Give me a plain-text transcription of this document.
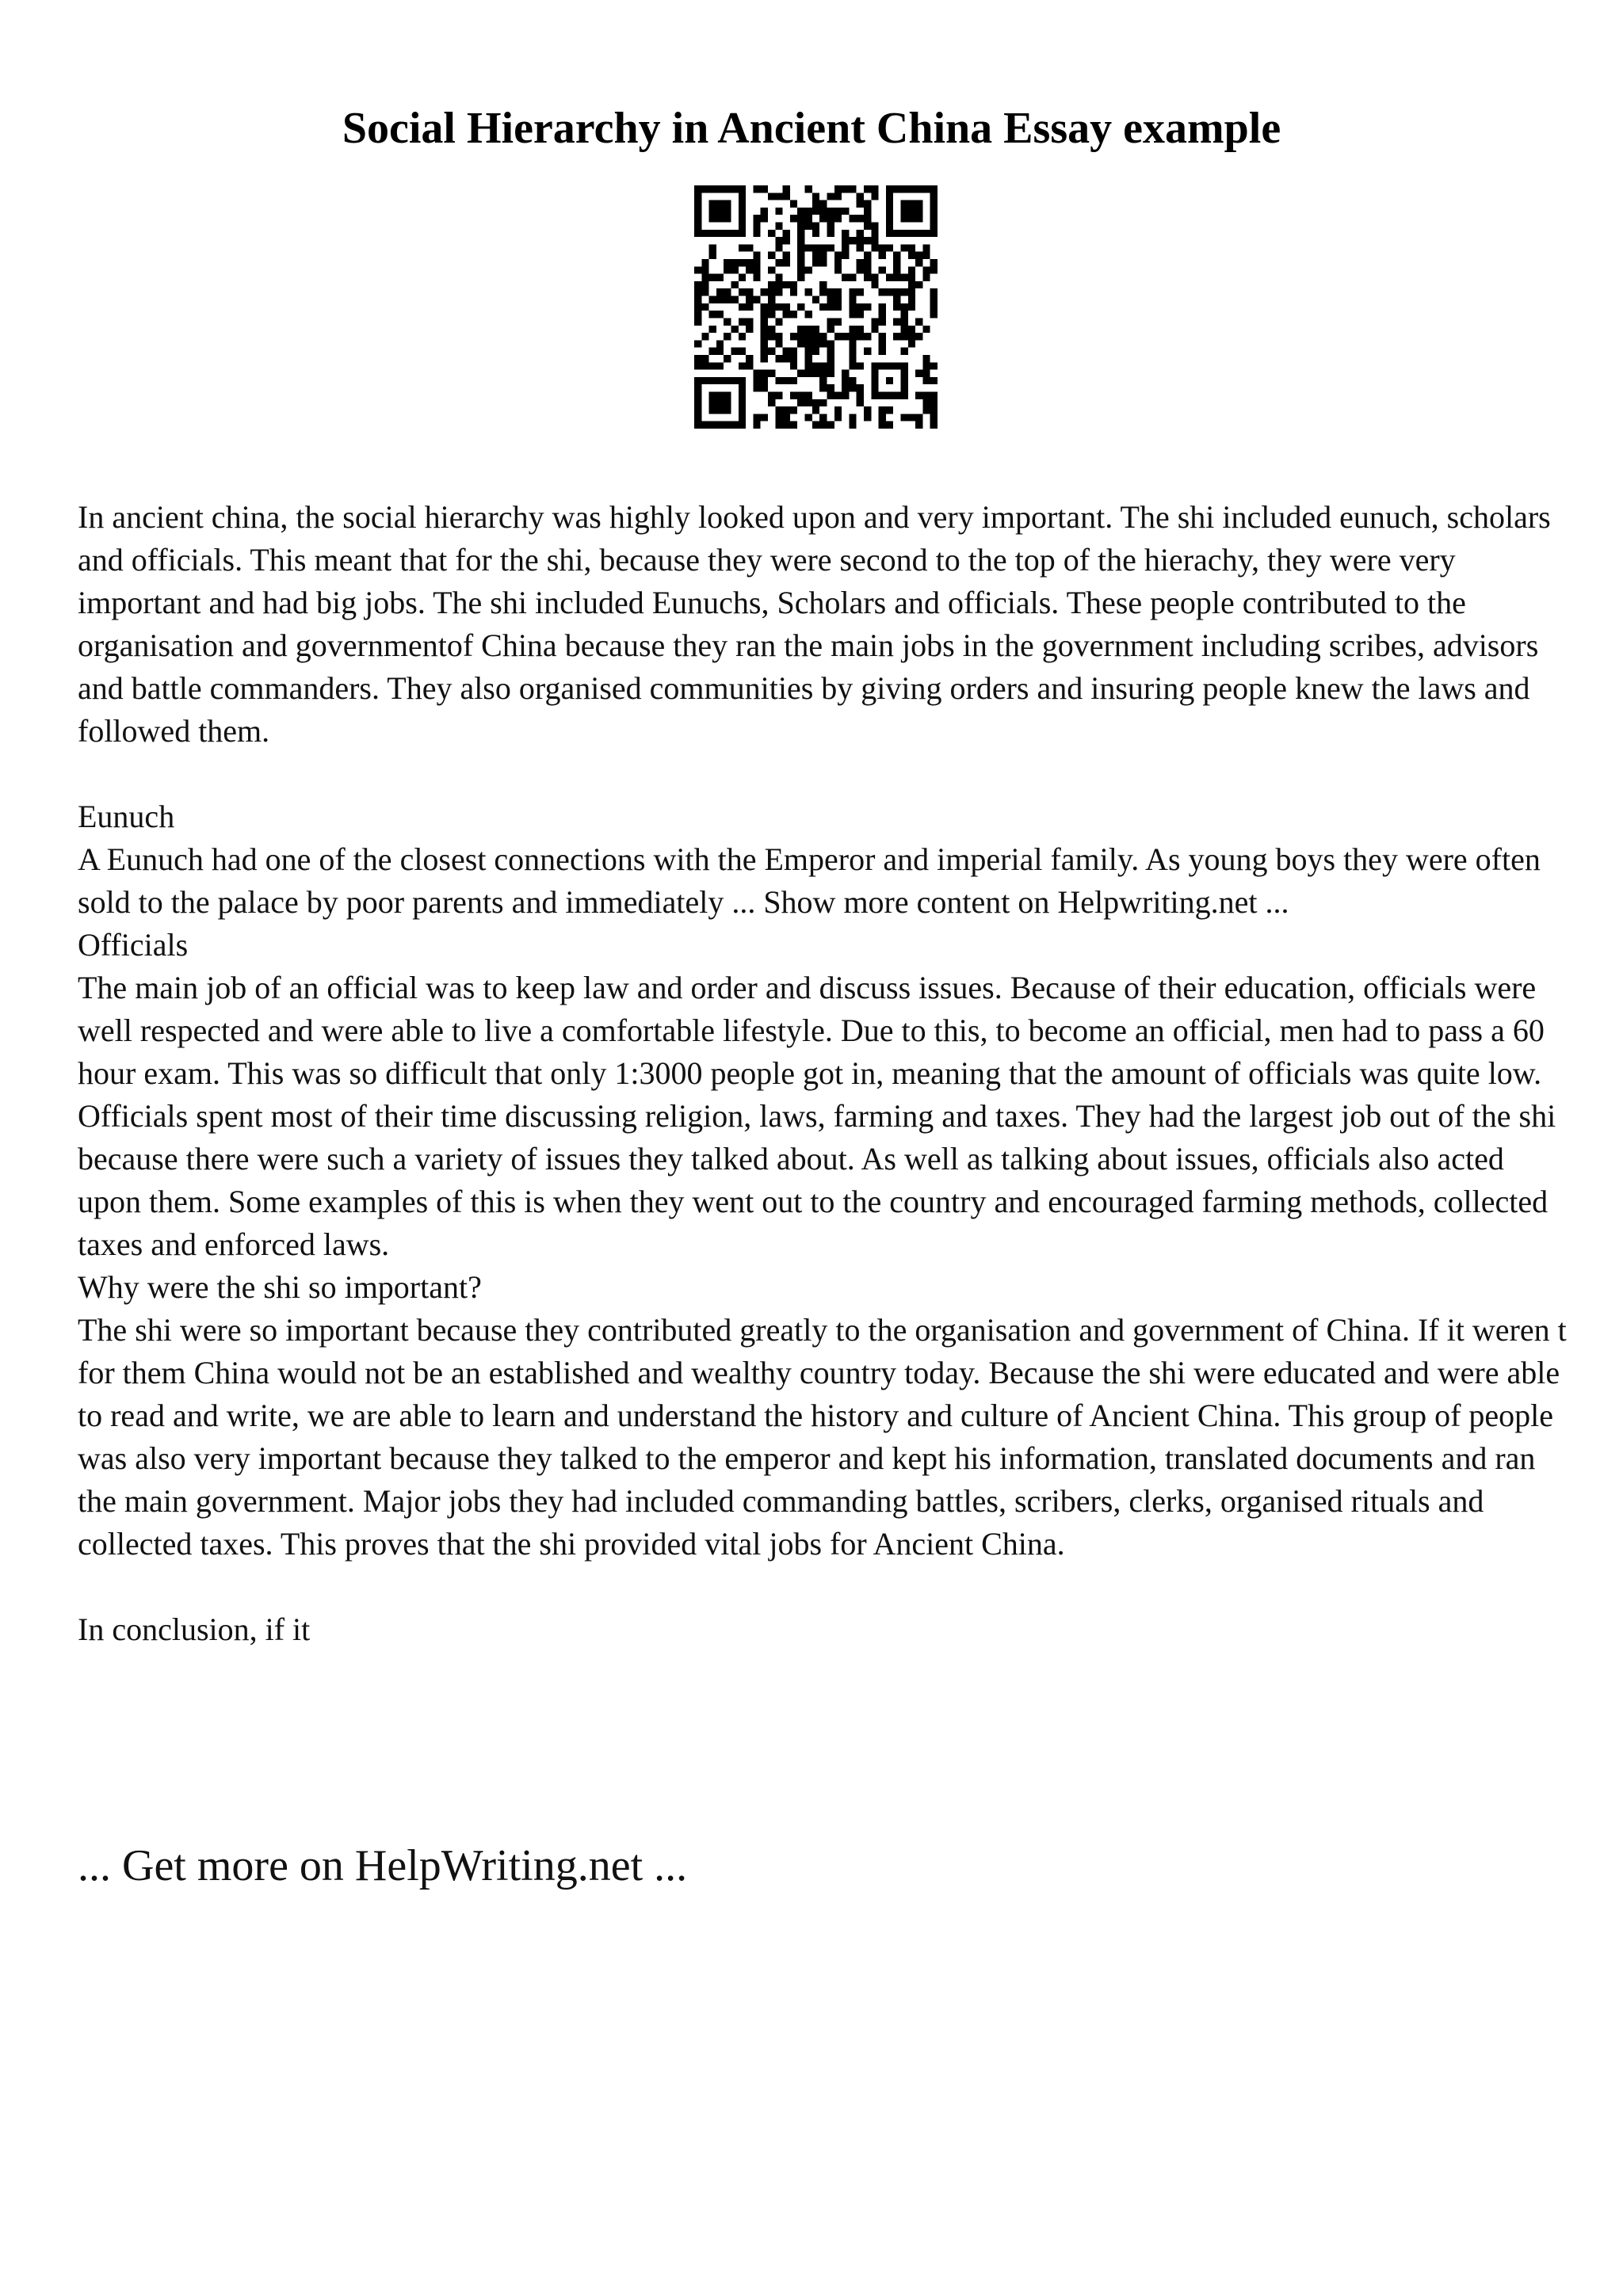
Social Hierarchy in Ancient China Essay example

In ancient china, the social hierarchy was highly looked upon and very important. The shi included eunuch, scholars and officials. This meant that for the shi, because they were second to the top of the hierachy, they were very important and had big jobs. The shi included Eunuchs, Scholars and officials. These people contributed to the organisation and governmentof China because they ran the main jobs in the government including scribes, advisors and battle commanders. They also organised communities by giving orders and insuring people knew the laws and followed them.

Eunuch

A Eunuch had one of the closest connections with the Emperor and imperial family. As young boys they were often sold to the palace by poor parents and immediately ... Show more content on Helpwriting.net ...

Officials

The main job of an official was to keep law and order and discuss issues. Because of their education, officials were well respected and were able to live a comfortable lifestyle. Due to this, to become an official, men had to pass a 60 hour exam. This was so difficult that only 1:3000 people got in, meaning that the amount of officials was quite low. Officials spent most of their time discussing religion, laws, farming and taxes. They had the largest job out of the shi because there were such a variety of issues they talked about. As well as talking about issues, officials also acted upon them. Some examples of this is when they went out to the country and encouraged farming methods, collected taxes and enforced laws.

Why were the shi so important?

The shi were so important because they contributed greatly to the organisation and government of China. If it weren t for them China would not be an established and wealthy country today. Because the shi were educated and were able to read and write, we are able to learn and understand the history and culture of Ancient China. This group of people was also very important because they talked to the emperor and kept his information, translated documents and ran the main government. Major jobs they had included commanding battles, scribers, clerks, organised rituals and collected taxes. This proves that the shi provided vital jobs for Ancient China.

In conclusion, if it

... Get more on HelpWriting.net ...
